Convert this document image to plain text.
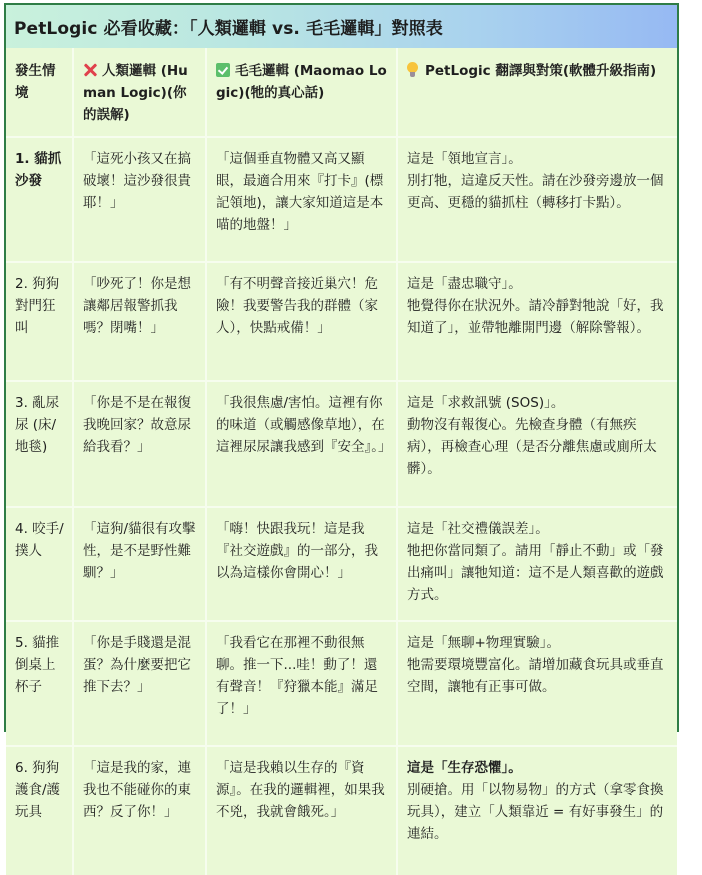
PetLogic 必看收藏：「人類邏輯 vs. 毛毛邏輯」對照表
發生情境	人類邏輯 (Human Logic)(你的誤解)	毛毛邏輯 (Maomao Logic)(牠的真心話)	PetLogic 翻譯與對策(軟體升級指南)
1. 貓抓沙發	「這死小孩又在搞破壞！這沙發很貴耶！」	「這個垂直物體又高又顯眼，最適合用來『打卡』(標記領地)，讓大家知道這是本喵的地盤！」	這是「領地宣言」。
別打牠，這違反天性。請在沙發旁邊放一個更高、更穩的貓抓柱（轉移打卡點）。
2. 狗狗對門狂叫	「吵死了！你是想讓鄰居報警抓我嗎？閉嘴！」	「有不明聲音接近巢穴！危險！我要警告我的群體（家人），快點戒備！」	這是「盡忠職守」。
牠覺得你在狀況外。請冷靜對牠說「好，我知道了」，並帶牠離開門邊（解除警報）。
3. 亂尿尿 (床/地毯)	「你是不是在報復我晚回家？故意尿給我看？」	「我很焦慮/害怕。這裡有你的味道（或觸感像草地），在這裡尿尿讓我感到『安全』。」	這是「求救訊號 (SOS)」。
動物沒有報復心。先檢查身體（有無疾病），再檢查心理（是否分離焦慮或廁所太髒）。
4. 咬手/撲人	「這狗/貓很有攻擊性，是不是野性難馴？」	「嗨！快跟我玩！這是我『社交遊戲』的一部分，我以為這樣你會開心！」	這是「社交禮儀誤差」。
牠把你當同類了。請用「靜止不動」或「發出痛叫」讓牠知道：這不是人類喜歡的遊戲方式。
5. 貓推倒桌上杯子	「你是手賤還是混蛋？為什麼要把它推下去？」	「我看它在那裡不動很無聊。推一下...哇！動了！還有聲音！『狩獵本能』滿足了！」	這是「無聊+物理實驗」。
牠需要環境豐富化。請增加藏食玩具或垂直空間，讓牠有正事可做。
6. 狗狗護食/護玩具	「這是我的家，連我也不能碰你的東西？反了你！」	「這是我賴以生存的『資源』。在我的邏輯裡，如果我不兇，我就會餓死。」	這是「生存恐懼」。
別硬搶。用「以物易物」的方式（拿零食換玩具），建立「人類靠近 = 有好事發生」的連結。
